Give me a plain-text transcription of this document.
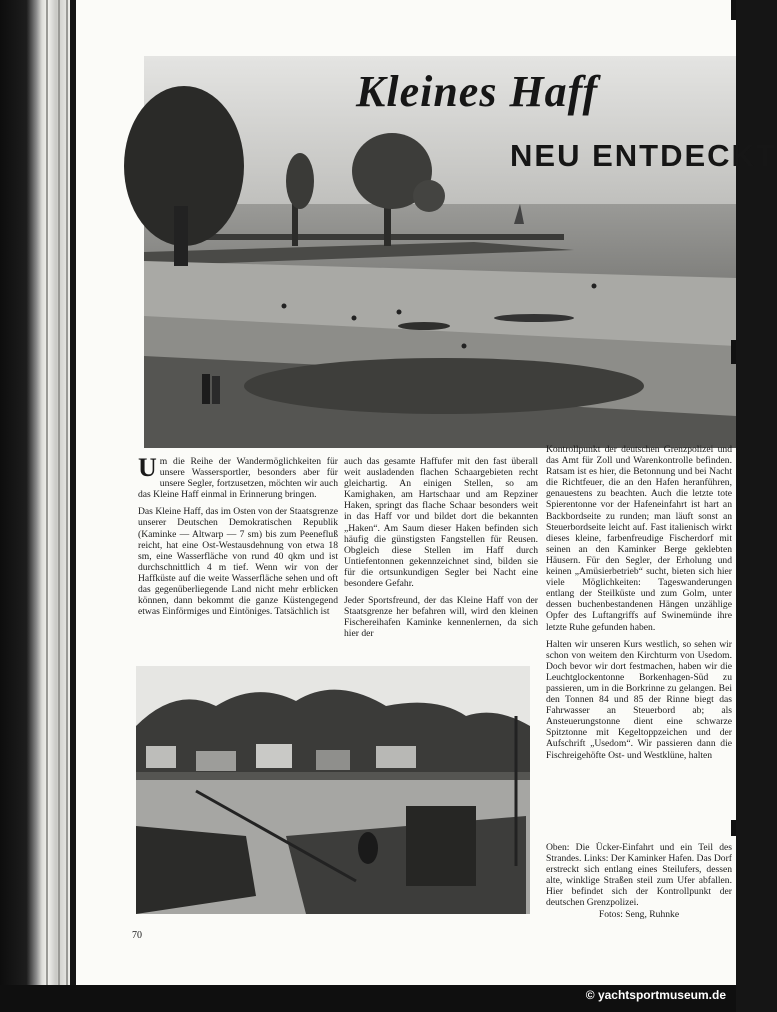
Kleines Haff
NEU ENTDECKT

Um die Reihe der Wandermöglichkeiten für unsere Wassersportler, besonders aber für unsere Segler, fortzusetzen, möchten wir auch das Kleine Haff einmal in Erinnerung bringen.

Das Kleine Haff, das im Osten von der Staatsgrenze unserer Deutschen Demokratischen Republik (Kaminke — Altwarp — 7 sm) bis zum Peenefluß reicht, hat eine Ost-Westausdehnung von etwa 18 sm, eine Wasserfläche von rund 40 qkm und ist durchschnittlich 4 m tief. Wenn wir von der Haffküste auf die weite Wasserfläche sehen und oft das gegenüberliegende Land nicht mehr erblicken können, dann bekommt die ganze Küstengegend etwas Einförmiges und Eintöniges. Tatsächlich ist

auch das gesamte Haffufer mit den fast überall weit ausladenden flachen Schaargebieten recht gleichartig. An einigen Stellen, so am Kamighaken, am Hartschaar und am Repziner Haken, springt das flache Schaar besonders weit in das Haff vor und bildet dort die bekannten „Haken“. Am Saum dieser Haken befinden sich häufig die günstigsten Fangstellen für Reusen. Obgleich diese Stellen im Haff durch Untiefentonnen gekennzeichnet sind, bilden sie für die ortsunkundigen Segler bei Nacht eine besondere Gefahr.

Jeder Sportsfreund, der das Kleine Haff von der Staatsgrenze her befahren will, wird den kleinen Fischereihafen Kaminke kennenlernen, da sich hier der

Kontrollpunkt der deutschen Grenzpolizei und das Amt für Zoll und Warenkontrolle befinden. Ratsam ist es hier, die Betonnung und bei Nacht die Richtfeuer, die an den Hafen heranführen, genauestens zu beachten. Auch die letzte tote Spierentonne vor der Hafeneinfahrt ist hart an Backbordseite zu runden; man läuft sonst an Steuerbordseite leicht auf. Fast italienisch wirkt dieses kleine, farbenfreudige Fischerdorf mit seinen an den Kaminker Berge geklebten Häusern. Für den Segler, der Erholung und keinen „Amüsierbetrieb“ sucht, bieten sich hier viele Möglichkeiten: Tageswanderungen entlang der Steilküste und zum Golm, unter dessen buchenbestandenen Hängen unzählige Opfer des Luftangriffs auf Swinemünde ihre letzte Ruhe gefunden haben.

Halten wir unseren Kurs westlich, so sehen wir schon von weitem den Kirchturm von Usedom. Doch bevor wir dort festmachen, haben wir die Leuchtglockentonne Borkenhagen-Süd zu passieren, um in die Borkrinne zu gelangen. Bei den Tonnen 84 und 85 der Rinne biegt das Fahrwasser an Steuerbord ab; als Ansteuerungstonne dient eine schwarze Spitztonne mit Kegeltoppzeichen und der Aufschrift „Usedom“. Wir passieren dann die Fischreigehöfte Ost- und Westklüne, halten

Oben: Die Ücker-Einfahrt und ein Teil des Strandes. Links: Der Kaminker Hafen. Das Dorf erstreckt sich entlang eines Steilufers, dessen alte, winklige Straßen steil zum Ufer abfallen. Hier befindet sich der Kontrollpunkt der deutschen Grenzpolizei.
Fotos: Seng, Ruhnke
70
© yachtsportmuseum.de
